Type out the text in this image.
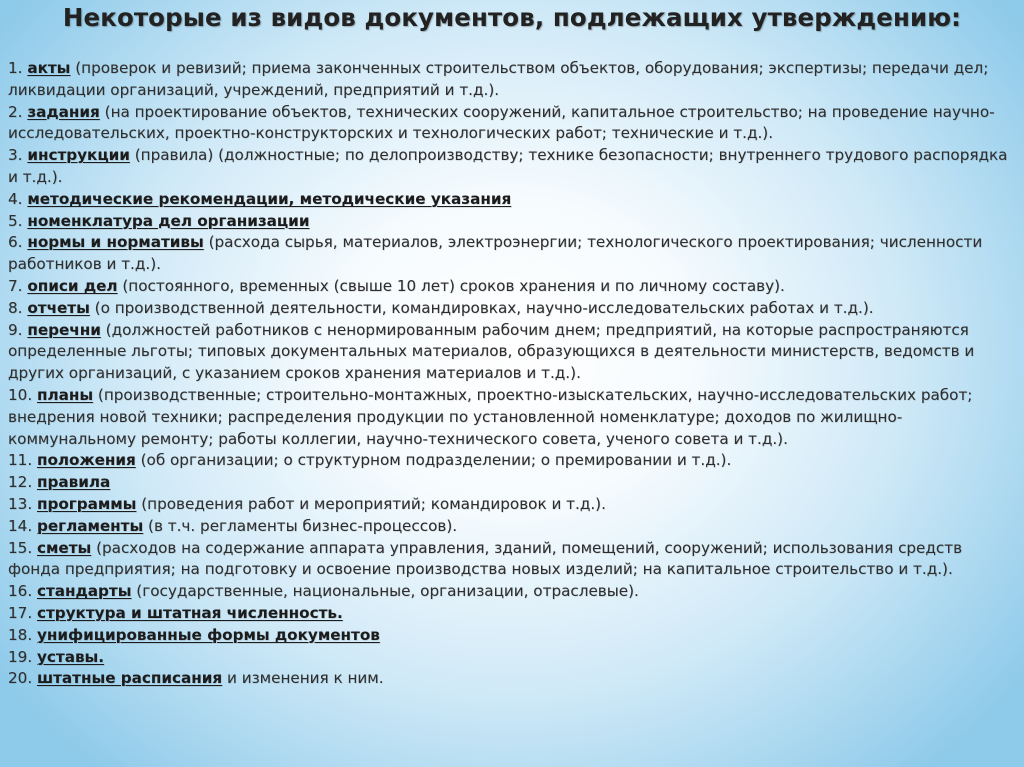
Некоторые из видов документов, подлежащих утверждению:
1. акты (проверок и ревизий; приема законченных строительством объектов, оборудования; экспертизы; передачи дел; ликвидации организаций, учреждений, предприятий и т.д.).
2. задания (на проектирование объектов, технических сооружений, капитальное строительство; на проведение научно-исследовательских, проектно-конструкторских и технологических работ; технические и т.д.).
3. инструкции (правила) (должностные; по делопроизводству; технике безопасности; внутреннего трудового распорядка и т.д.).
4. методические рекомендации, методические указания
5. номенклатура дел организации
6. нормы и нормативы (расхода сырья, материалов, электроэнергии; технологического проектирования; численности работников и т.д.).
7. описи дел (постоянного, временных (свыше 10 лет) сроков хранения и по личному составу).
8. отчеты (о производственной деятельности, командировках, научно-исследовательских работах и т.д.).
9. перечни (должностей работников с ненормированным рабочим днем; предприятий, на которые распространяются определенные льготы; типовых документальных материалов, образующихся в деятельности министерств, ведомств и других организаций, с указанием сроков хранения материалов и т.д.).
10. планы (производственные; строительно-монтажных, проектно-изыскательских, научно-исследовательских работ; внедрения новой техники; распределения продукции по установленной номенклатуре; доходов по жилищно-коммунальному ремонту; работы коллегии, научно-технического совета, ученого совета и т.д.).
11. положения (об организации; о структурном подразделении; о премировании и т.д.).
12. правила
13. программы (проведения работ и мероприятий; командировок и т.д.).
14. регламенты (в т.ч. регламенты бизнес-процессов).
15. сметы (расходов на содержание аппарата управления, зданий, помещений, сооружений; использования средств фонда предприятия; на подготовку и освоение производства новых изделий; на капитальное строительство и т.д.).
16. стандарты (государственные, национальные, организации, отраслевые).
17. структура и штатная численность.
18. унифицированные формы документов
19. уставы.
20. штатные расписания и изменения к ним.
